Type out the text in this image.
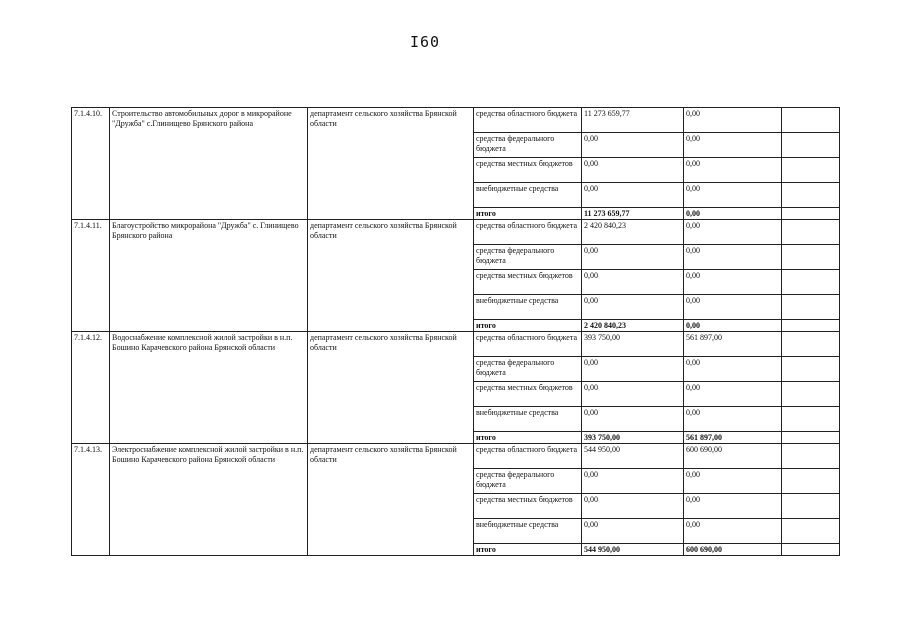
I60
7.1.4.10.	Строительство автомобильных дорог в микрорайоне "Дружба" с.Глинищево Брянского района	департамент сельского хозяйства Брянской области	средства областного бюджета	11 273 659,77	0,00	
			средства федерального бюджета	0,00	0,00	
			средства местных бюджетов	0,00	0,00	
			внебюджетные средства	0,00	0,00	
			итого	11 273 659,77	0,00	
7.1.4.11.	Благоустройство микрорайона "Дружба" с. Глинищево Брянского района	департамент сельского хозяйства Брянской области	средства областного бюджета	2 420 840,23	0,00	
			средства федерального бюджета	0,00	0,00	
			средства местных бюджетов	0,00	0,00	
			внебюджетные средства	0,00	0,00	
			итого	2 420 840,23	0,00	
7.1.4.12.	Водоснабжение комплексной жилой застройки в н.п. Бошино Карачевского района Брянской области	департамент сельского хозяйства Брянской области	средства областного бюджета	393 750,00	561 897,00	
			средства федерального бюджета	0,00	0,00	
			средства местных бюджетов	0,00	0,00	
			внебюджетные средства	0,00	0,00	
			итого	393 750,00	561 897,00	
7.1.4.13.	Электроснабжение комплексной жилой застройки в н.п. Бошино Карачевского района Брянской области	департамент сельского хозяйства Брянской области	средства областного бюджета	544 950,00	600 690,00	
			средства федерального бюджета	0,00	0,00	
			средства местных бюджетов	0,00	0,00	
			внебюджетные средства	0,00	0,00	
			итого	544 950,00	600 690,00	
